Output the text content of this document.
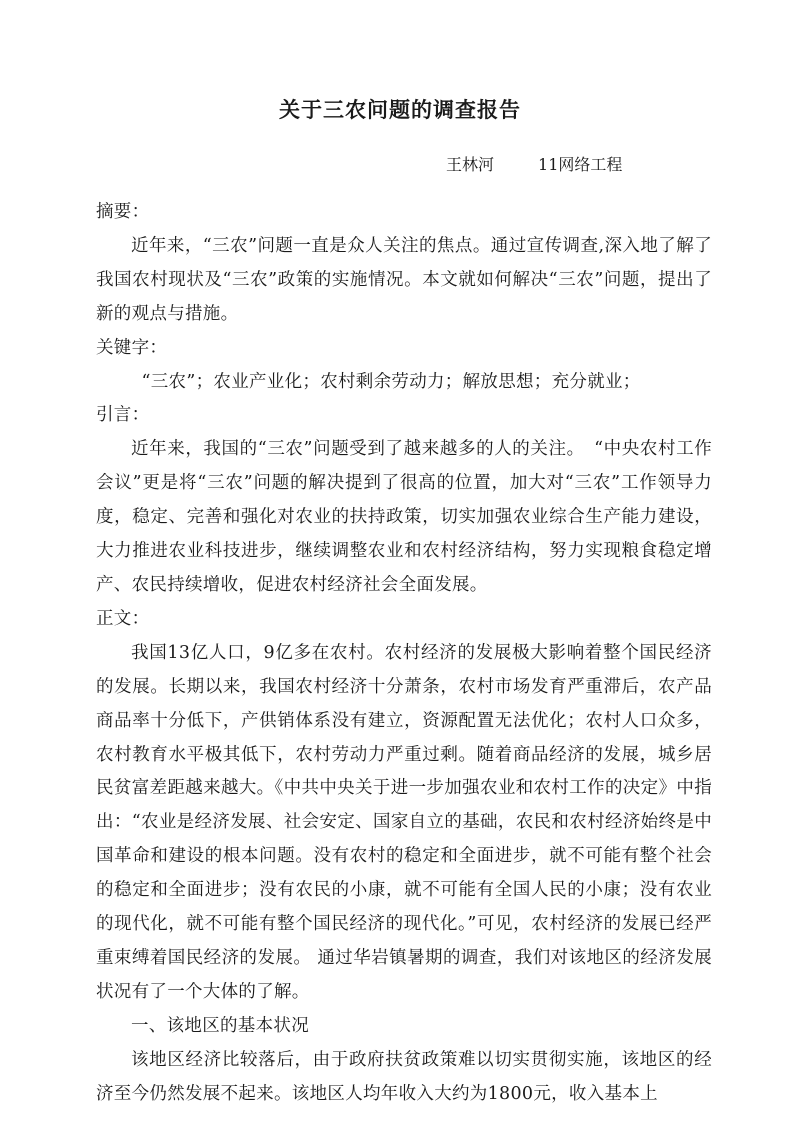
关于三农问题的调查报告
王林河	11网络工程

摘要：

近年来，“三农”问题一直是众人关注的焦点。通过宣传调查,深入地了解了我国农村现状及“三农”政策的实施情况。本文就如何解决“三农”问题，提出了新的观点与措施。

关键字：

“三农”；农业产业化；农村剩余劳动力；解放思想；充分就业；

引言：

近年来，我国的“三农”问题受到了越来越多的人的关注。　“中央农村工作会议”更是将“三农”问题的解决提到了很高的位置，加大对“三农”工作领导力度，稳定、完善和强化对农业的扶持政策，切实加强农业综合生产能力建设，大力推进农业科技进步，继续调整农业和农村经济结构，努力实现粮食稳定增产、农民持续增收，促进农村经济社会全面发展。

正文：

我国13亿人口，9亿多在农村。农村经济的发展极大影响着整个国民经济的发展。长期以来，我国农村经济十分萧条，农村市场发育严重滞后，农产品商品率十分低下，产供销体系没有建立，资源配置无法优化；农村人口众多，农村教育水平极其低下，农村劳动力严重过剩。随着商品经济的发展，城乡居民贫富差距越来越大。《中共中央关于进一步加强农业和农村工作的决定》中指出：“农业是经济发展、社会安定、国家自立的基础，农民和农村经济始终是中国革命和建设的根本问题。没有农村的稳定和全面进步，就不可能有整个社会的稳定和全面进步；没有农民的小康，就不可能有全国人民的小康；没有农业的现代化，就不可能有整个国民经济的现代化。”可见，农村经济的发展已经严重束缚着国民经济的发展。 通过华岩镇暑期的调查，我们对该地区的经济发展状况有了一个大体的了解。

一、该地区的基本状况

该地区经济比较落后，由于政府扶贫政策难以切实贯彻实施，该地区的经济至今仍然发展不起来。该地区人均年收入大约为1800元，收入基本上
